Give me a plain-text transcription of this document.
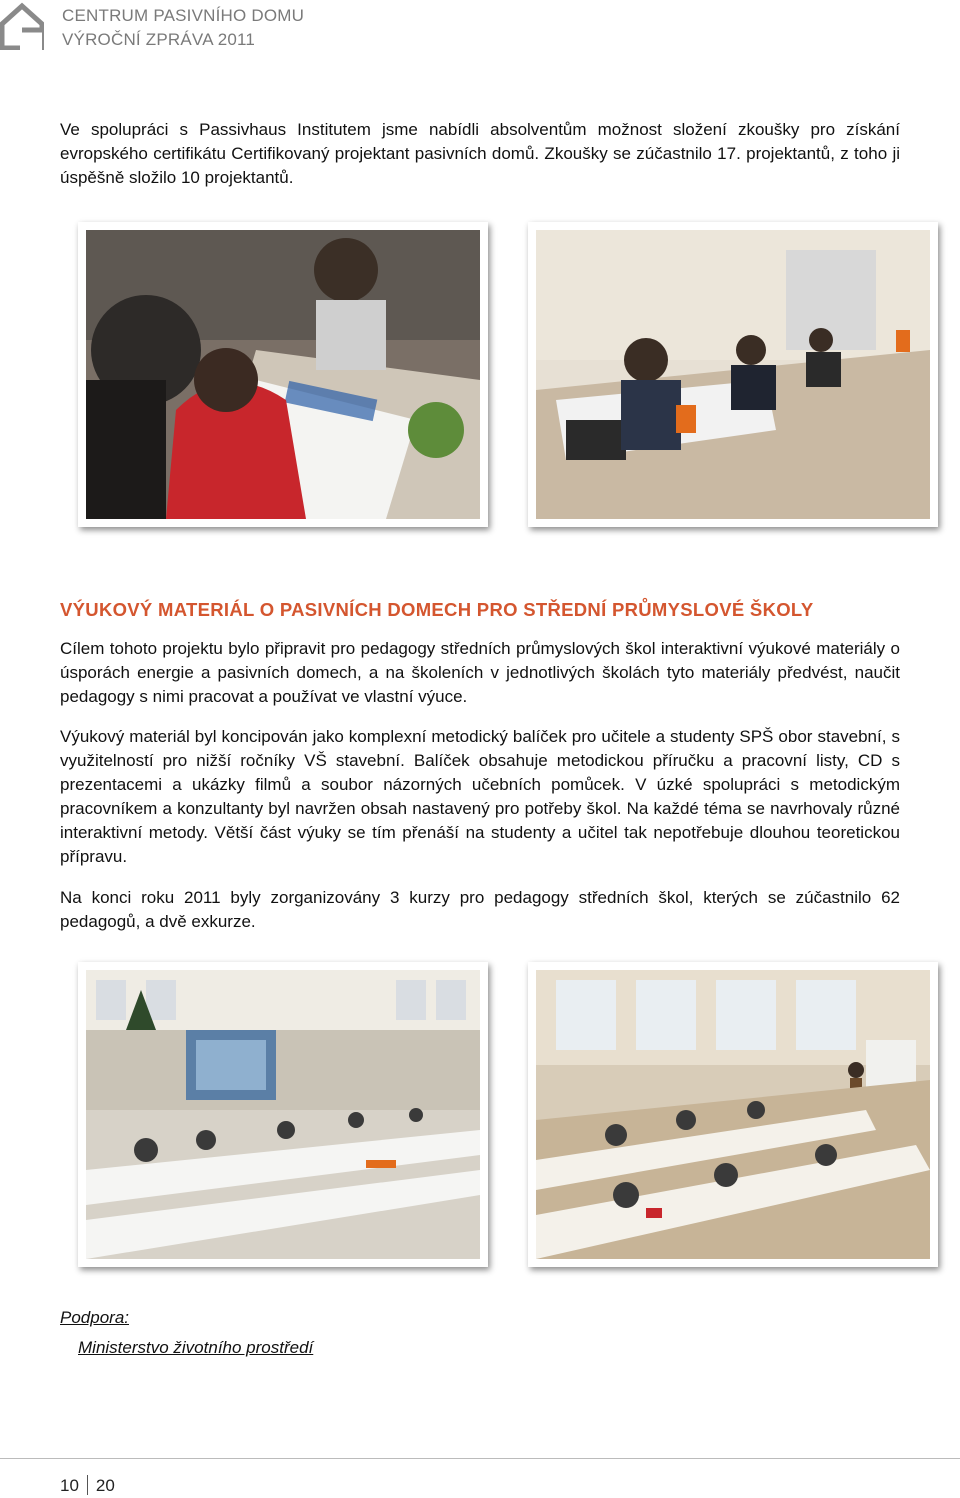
CENTRUM PASIVNÍHO DOMU
VÝROČNÍ ZPRÁVA 2011

Ve spolupráci s Passivhaus Institutem jsme nabídli absolventům možnost složení zkoušky pro získání evropského certifikátu Certifikovaný projektant pasivních domů. Zkoušky se zúčastnilo 17. projektantů, z toho ji úspěšně složilo 10 projektantů.

VÝUKOVÝ MATERIÁL O PASIVNÍCH DOMECH PRO STŘEDNÍ PRŮMYSLOVÉ ŠKOLY

Cílem tohoto projektu bylo připravit pro pedagogy středních průmyslových škol interaktivní výukové materiály o úsporách energie a pasivních domech, a na školeních v jednotlivých školách tyto materiály předvést, naučit pedagogy s nimi pracovat a používat ve vlastní výuce.

Výukový materiál byl koncipován jako komplexní metodický balíček pro učitele a studenty SPŠ obor stavební, s využitelností pro nižší ročníky VŠ stavební. Balíček obsahuje metodickou příručku a pracovní listy, CD s prezentacemi a ukázky filmů a soubor názorných učebních pomůcek. V úzké spolupráci s metodickým pracovníkem a konzultanty byl navržen obsah nastavený pro potřeby škol. Na každé téma se navrhovaly různé interaktivní metody. Větší část výuky se tím přenáší na studenty a učitel tak nepotřebuje dlouhou teoretickou přípravu.

Na konci roku 2011 byly zorganizovány 3 kurzy pro pedagogy středních škol, kterých se zúčastnilo 62 pedagogů, a dvě exkurze.

Podpora:
Ministerstvo životního prostředí
10 20
